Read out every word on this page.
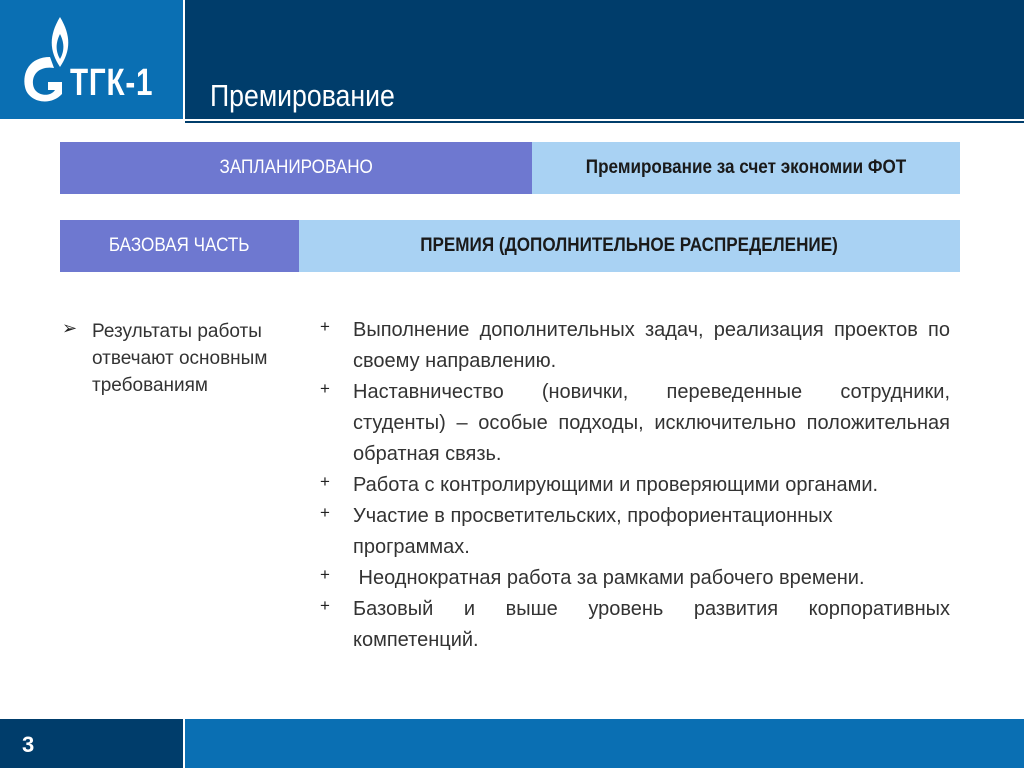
ТГК-1 Премирование
ЗАПЛАНИРОВАНО	Премирование за счет экономии ФОТ
БАЗОВАЯ ЧАСТЬ	ПРЕМИЯ (ДОПОЛНИТЕЛЬНОЕ РАСПРЕДЕЛЕНИЕ)
➢ Результаты работы отвечают основным требованиям
+ Выполнение дополнительных задач, реализация проектов по своему направлению.
+ Наставничество (новички, переведенные сотрудники, студенты) – особые подходы, исключительно положительная обратная связь.
+ Работа с контролирующими и проверяющими органами.
+ Участие в просветительских, профориентационных программах.
+ Неоднократная работа за рамками рабочего времени.
+ Базовый и выше уровень развития корпоративных компетенций.
3
